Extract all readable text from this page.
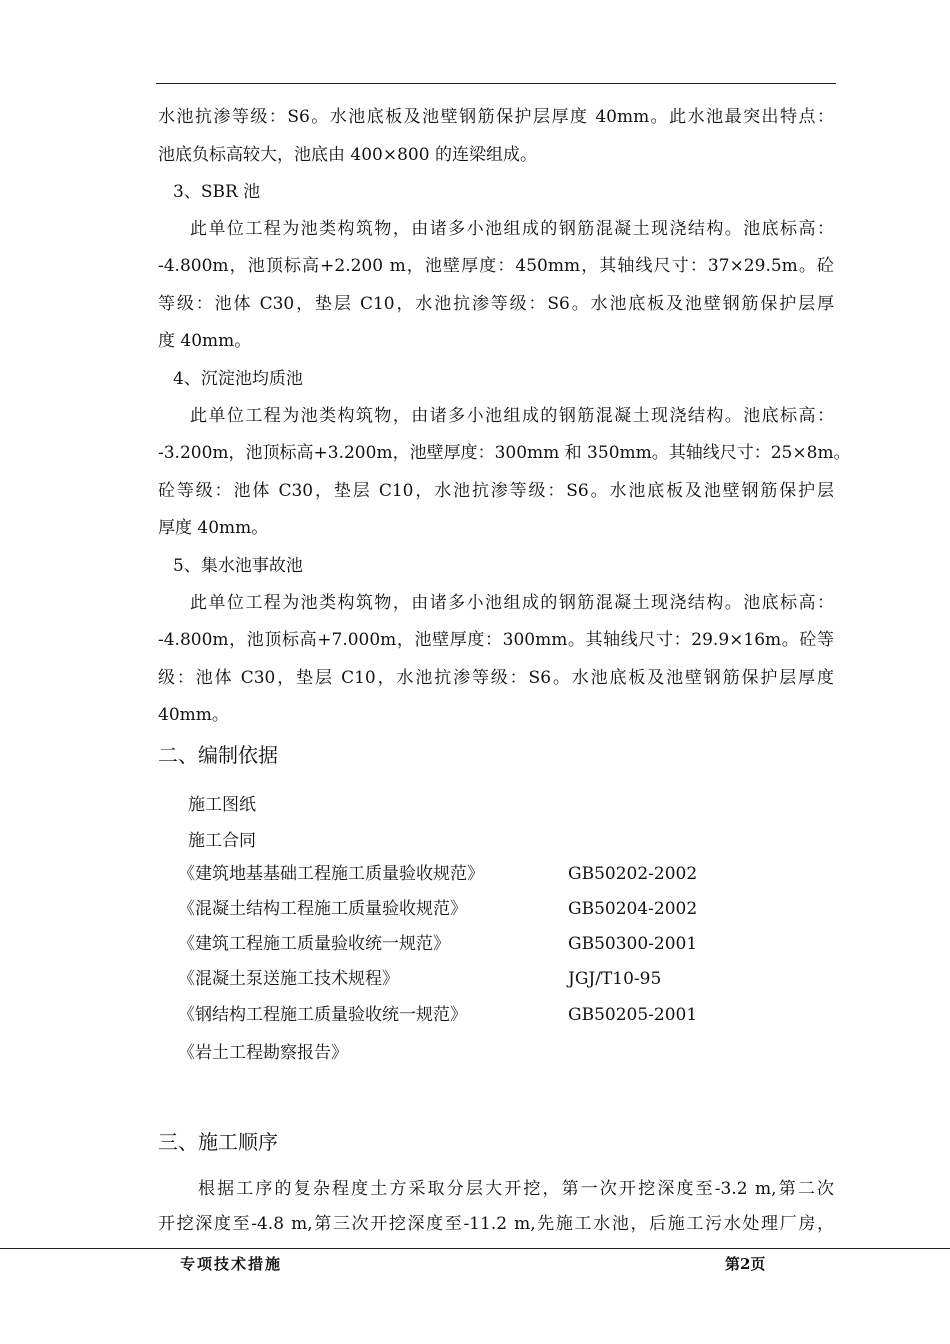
水池抗渗等级：S6。水池底板及池壁钢筋保护层厚度 40mm。此水池最突出特点：
池底负标高较大，池底由 400×800 的连梁组成。
3、SBR 池
此单位工程为池类构筑物，由诸多小池组成的钢筋混凝土现浇结构。池底标高：
-4.800m，池顶标高+2.200 m，池壁厚度：450mm，其轴线尺寸：37×29.5m。砼
等级：池体 C30，垫层 C10，水池抗渗等级：S6。水池底板及池壁钢筋保护层厚
度 40mm。
4、沉淀池均质池
此单位工程为池类构筑物，由诸多小池组成的钢筋混凝土现浇结构。池底标高：
-3.200m，池顶标高+3.200m，池壁厚度：300mm 和 350mm。其轴线尺寸：25×8m。
砼等级：池体 C30，垫层 C10，水池抗渗等级：S6。水池底板及池壁钢筋保护层
厚度 40mm。
5、集水池事故池
此单位工程为池类构筑物，由诸多小池组成的钢筋混凝土现浇结构。池底标高：
-4.800m，池顶标高+7.000m，池壁厚度：300mm。其轴线尺寸：29.9×16m。砼等
级：池体 C30，垫层 C10，水池抗渗等级：S6。水池底板及池壁钢筋保护层厚度
40mm。
二、编制依据
施工图纸
施工合同
《建筑地基基础工程施工质量验收规范》	GB50202-2002
《混凝土结构工程施工质量验收规范》	GB50204-2002
《建筑工程施工质量验收统一规范》	GB50300-2001
《混凝土泵送施工技术规程》	JGJ/T10-95
《钢结构工程施工质量验收统一规范》	GB50205-2001
《岩土工程勘察报告》
三、施工顺序
根据工序的复杂程度土方采取分层大开挖，第一次开挖深度至-3.2 m,第二次
开挖深度至-4.8 m,第三次开挖深度至-11.2 m,先施工水池，后施工污水处理厂房，
专项技术措施	第2页
